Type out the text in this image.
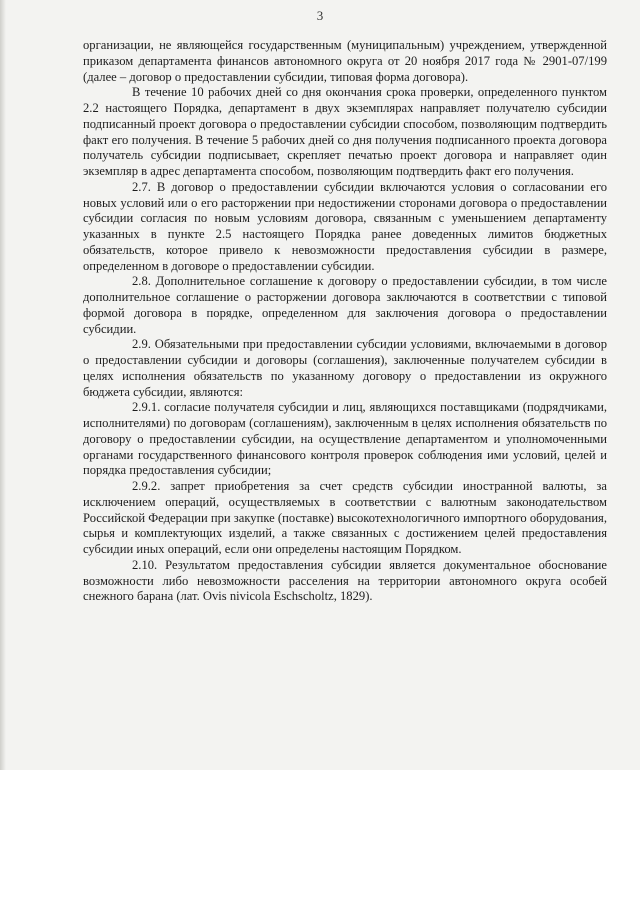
3

организации, не являющейся государственным (муниципальным) учреждением, утвержденной приказом департамента финансов автономного округа от 20 ноября 2017 года № 2901-07/199 (далее – договор о предоставлении субсидии, типовая форма договора).

В течение 10 рабочих дней со дня окончания срока проверки, определенного пунктом 2.2 настоящего Порядка, департамент в двух экземплярах направляет получателю субсидии подписанный проект договора о предоставлении субсидии способом, позволяющим подтвердить факт его получения. В течение 5 рабочих дней со дня получения подписанного проекта договора получатель субсидии подписывает, скрепляет печатью проект договора и направляет один экземпляр в адрес департамента способом, позволяющим подтвердить факт его получения.

2.7. В договор о предоставлении субсидии включаются условия о согласовании его новых условий или о его расторжении при недостижении сторонами договора о предоставлении субсидии согласия по новым условиям договора, связанным с уменьшением департаменту указанных в пункте 2.5 настоящего Порядка ранее доведенных лимитов бюджетных обязательств, которое привело к невозможности предоставления субсидии в размере, определенном в договоре о предоставлении субсидии.

2.8. Дополнительное соглашение к договору о предоставлении субсидии, в том числе дополнительное соглашение о расторжении договора заключаются в соответствии с типовой формой договора в порядке, определенном для заключения договора о предоставлении субсидии.

2.9. Обязательными при предоставлении субсидии условиями, включаемыми в договор о предоставлении субсидии и договоры (соглашения), заключенные получателем субсидии в целях исполнения обязательств по указанному договору о предоставлении из окружного бюджета субсидии, являются:

2.9.1. согласие получателя субсидии и лиц, являющихся поставщиками (подрядчиками, исполнителями) по договорам (соглашениям), заключенным в целях исполнения обязательств по договору о предоставлении субсидии, на осуществление департаментом и уполномоченными органами государственного финансового контроля проверок соблюдения ими условий, целей и порядка предоставления субсидии;

2.9.2. запрет приобретения за счет средств субсидии иностранной валюты, за исключением операций, осуществляемых в соответствии с валютным законодательством Российской Федерации при закупке (поставке) высокотехнологичного импортного оборудования, сырья и комплектующих изделий, а также связанных с достижением целей предоставления субсидии иных операций, если они определены настоящим Порядком.

2.10. Результатом предоставления субсидии является документальное обоснование возможности либо невозможности расселения на территории автономного округа особей снежного барана (лат. Ovis nivicola Eschscholtz, 1829).
